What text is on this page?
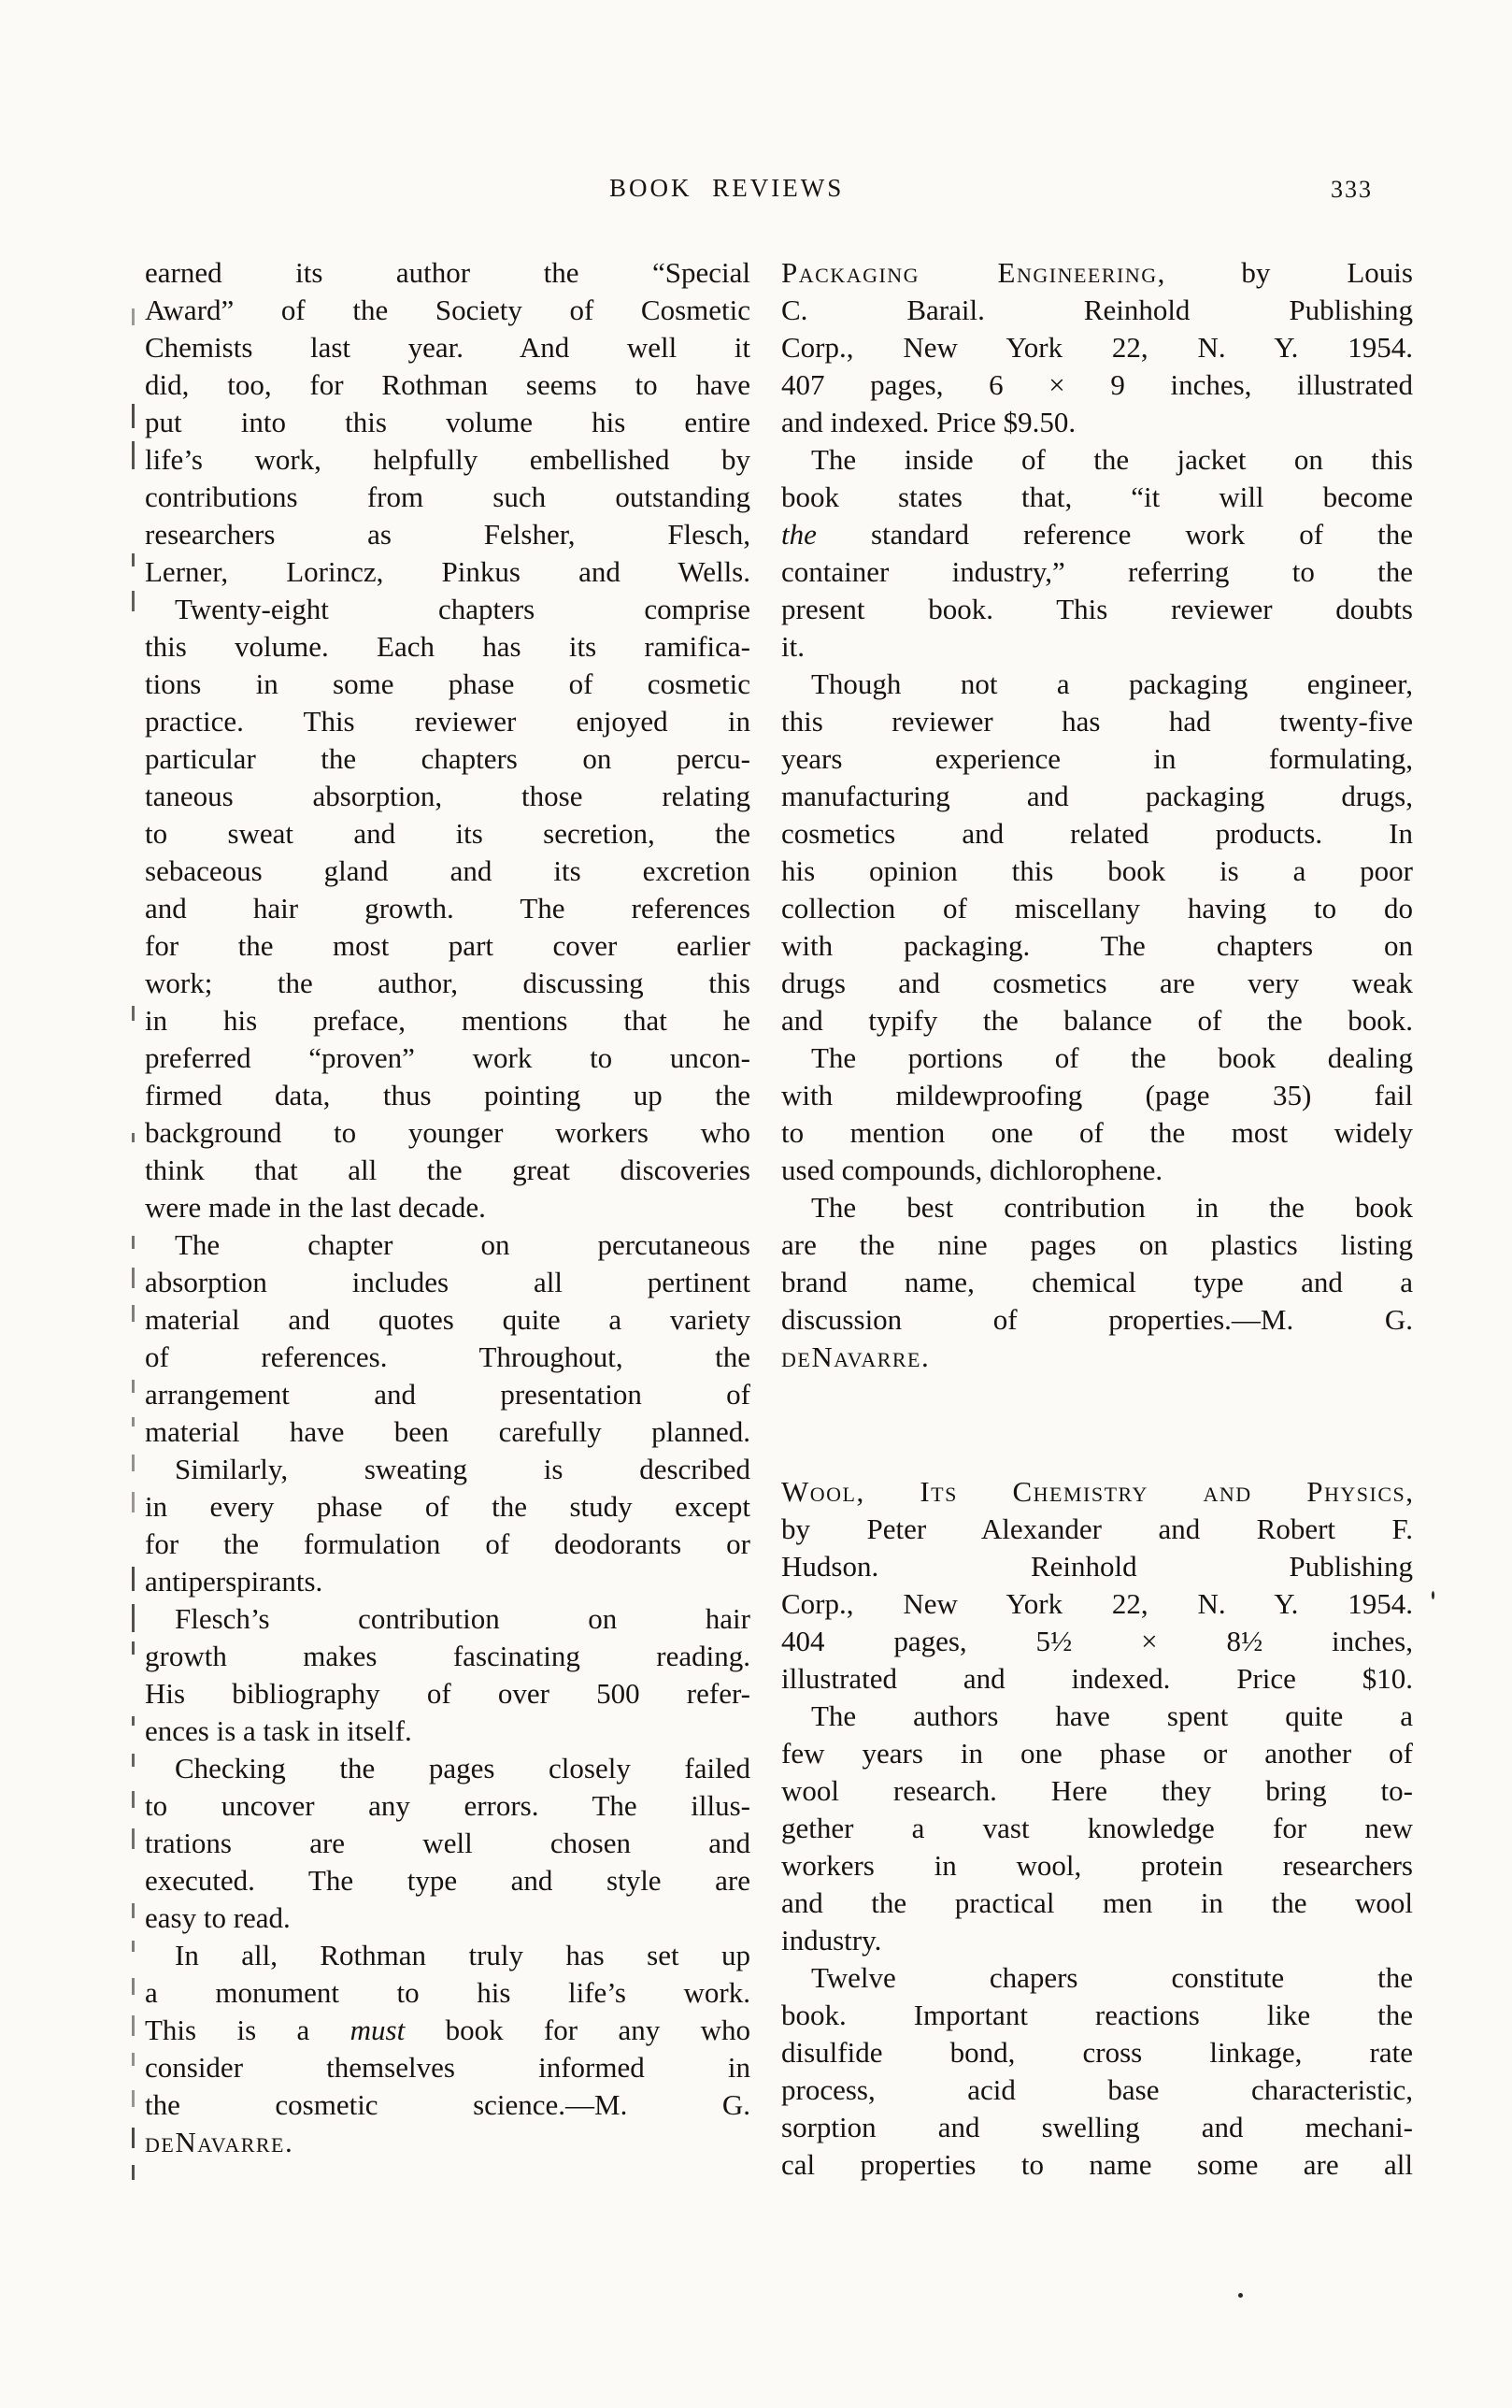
BOOK REVIEWS	333
earned its author the “Special
Award” of the Society of Cosmetic
Chemists last year. And well it
did, too, for Rothman seems to have
put into this volume his entire
life’s work, helpfully embellished by
contributions from such outstanding
researchers as Felsher, Flesch,
Lerner, Lorincz, Pinkus and Wells.
Twenty-eight chapters comprise
this volume. Each has its ramifica-
tions in some phase of cosmetic
practice. This reviewer enjoyed in
particular the chapters on percu-
taneous absorption, those relating
to sweat and its secretion, the
sebaceous gland and its excretion
and hair growth. The references
for the most part cover earlier
work; the author, discussing this
in his preface, mentions that he
preferred “proven” work to uncon-
firmed data, thus pointing up the
background to younger workers who
think that all the great discoveries
were made in the last decade.
The chapter on percutaneous
absorption includes all pertinent
material and quotes quite a variety
of references. Throughout, the
arrangement and presentation of
material have been carefully planned.
Similarly, sweating is described
in every phase of the study except
for the formulation of deodorants or
antiperspirants.
Flesch’s contribution on hair
growth makes fascinating reading.
His bibliography of over 500 refer-
ences is a task in itself.
Checking the pages closely failed
to uncover any errors. The illus-
trations are well chosen and
executed. The type and style are
easy to read.
In all, Rothman truly has set up
a monument to his life’s work.
This is a must book for any who
consider themselves informed in
the cosmetic science.—M. G.
deNavarre.
Packaging Engineering, by Louis
C. Barail. Reinhold Publishing
Corp., New York 22, N. Y. 1954.
407 pages, 6 × 9 inches, illustrated
and indexed. Price $9.50.
The inside of the jacket on this
book states that, “it will become
the standard reference work of the
container industry,” referring to the
present book. This reviewer doubts
it.
Though not a packaging engineer,
this reviewer has had twenty-five
years experience in formulating,
manufacturing and packaging drugs,
cosmetics and related products. In
his opinion this book is a poor
collection of miscellany having to do
with packaging. The chapters on
drugs and cosmetics are very weak
and typify the balance of the book.
The portions of the book dealing
with mildewproofing (page 35) fail
to mention one of the most widely
used compounds, dichlorophene.
The best contribution in the book
are the nine pages on plastics listing
brand name, chemical type and a
discussion of properties.—M. G.
deNavarre.
Wool, Its Chemistry and Physics,
by Peter Alexander and Robert F.
Hudson. Reinhold Publishing
Corp., New York 22, N. Y. 1954.
404 pages, 5½ × 8½ inches,
illustrated and indexed. Price $10.
The authors have spent quite a
few years in one phase or another of
wool research. Here they bring to-
gether a vast knowledge for new
workers in wool, protein researchers
and the practical men in the wool
industry.
Twelve chapers constitute the
book. Important reactions like the
disulfide bond, cross linkage, rate
process, acid base characteristic,
sorption and swelling and mechani-
cal properties to name some are all
